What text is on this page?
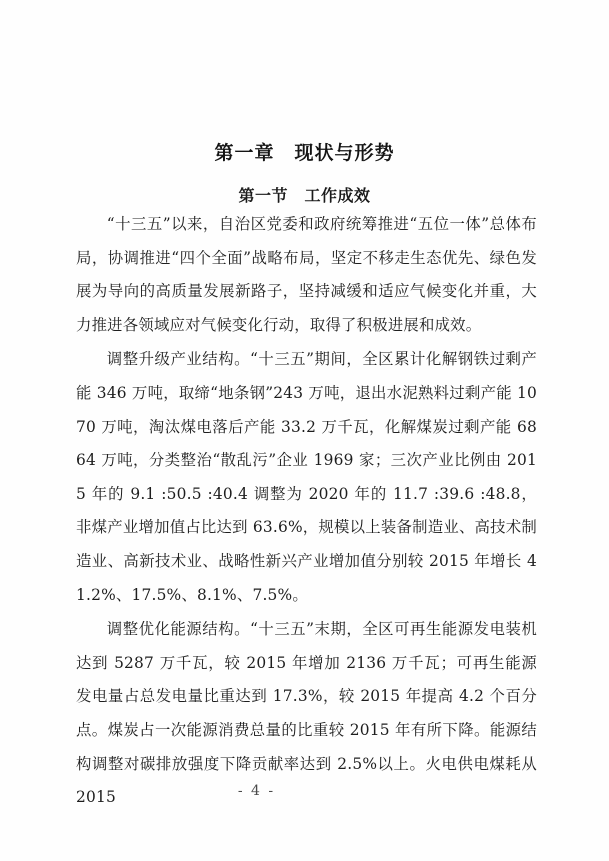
第一章　现状与形势
第一节　工作成效

“十三五”以来，自治区党委和政府统筹推进“五位一体”总体布局，协调推进“四个全面”战略布局，坚定不移走生态优先、绿色发展为导向的高质量发展新路子，坚持减缓和适应气候变化并重，大力推进各领域应对气候变化行动，取得了积极进展和成效。

调整升级产业结构。“十三五”期间，全区累计化解钢铁过剩产能 346 万吨，取缔“地条钢”243 万吨，退出水泥熟料过剩产能 1070 万吨，淘汰煤电落后产能 33.2 万千瓦，化解煤炭过剩产能 6864 万吨，分类整治“散乱污”企业 1969 家；三次产业比例由 2015 年的 9.1 :50.5 :40.4 调整为 2020 年的 11.7 :39.6 :48.8，非煤产业增加值占比达到 63.6%，规模以上装备制造业、高技术制造业、高新技术业、战略性新兴产业增加值分别较 2015 年增长 41.2%、17.5%、8.1%、7.5%。

调整优化能源结构。“十三五”末期，全区可再生能源发电装机达到 5287 万千瓦，较 2015 年增加 2136 万千瓦；可再生能源发电量占总发电量比重达到 17.3%，较 2015 年提高 4.2 个百分点。煤炭占一次能源消费总量的比重较 2015 年有所下降。能源结构调整对碳排放强度下降贡献率达到 2.5%以上。火电供电煤耗从 2015	- 4 -
